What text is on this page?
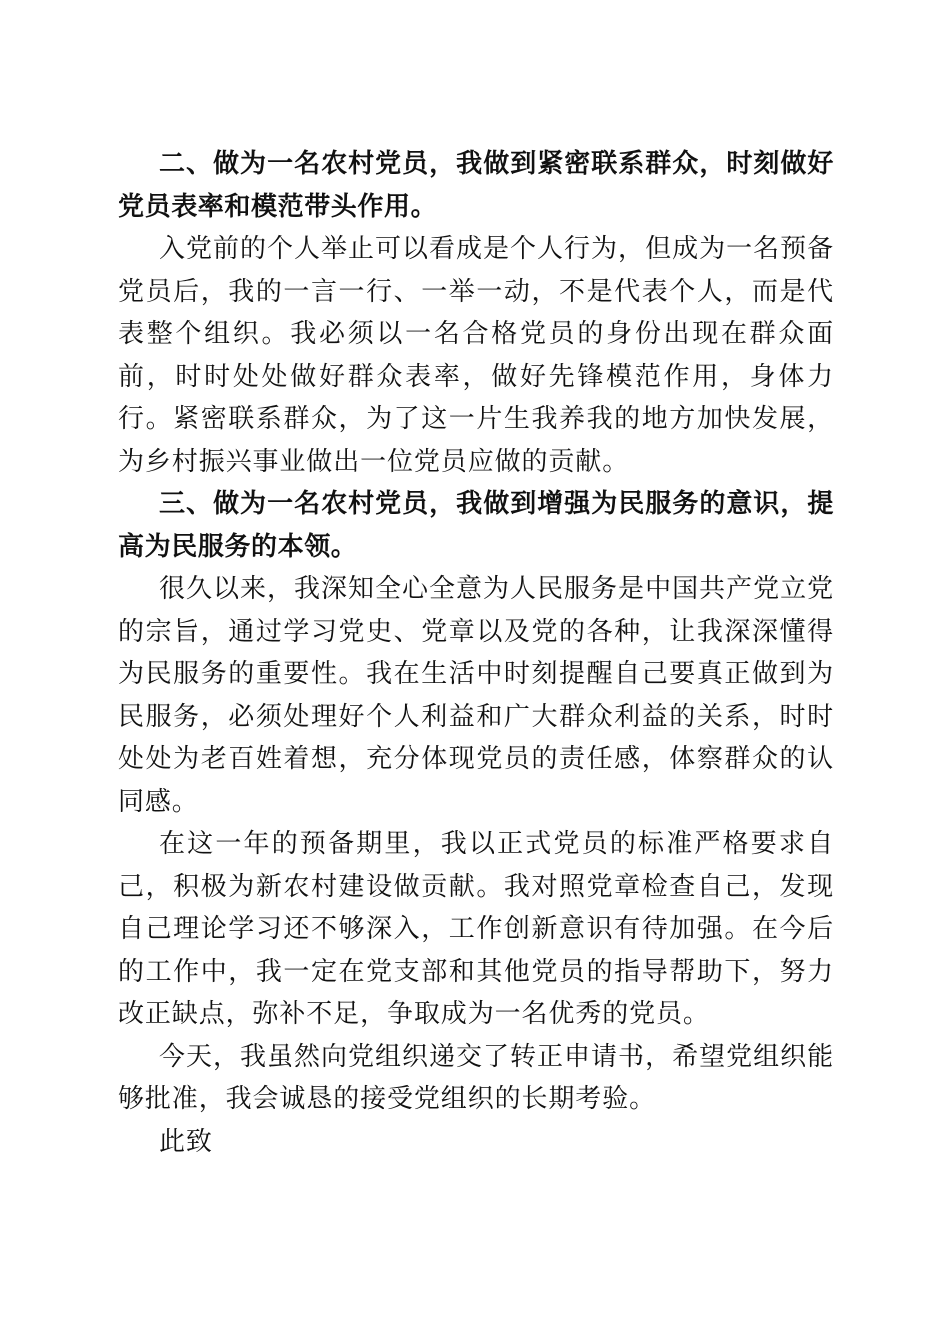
二、做为一名农村党员，我做到紧密联系群众，时刻做好党员表率和模范带头作用。

入党前的个人举止可以看成是个人行为，但成为一名预备党员后，我的一言一行、一举一动，不是代表个人，而是代表整个组织。我必须以一名合格党员的身份出现在群众面前，时时处处做好群众表率，做好先锋模范作用，身体力行。紧密联系群众，为了这一片生我养我的地方加快发展，为乡村振兴事业做出一位党员应做的贡献。

三、做为一名农村党员，我做到增强为民服务的意识，提高为民服务的本领。

很久以来，我深知全心全意为人民服务是中国共产党立党的宗旨，通过学习党史、党章以及党的各种，让我深深懂得为民服务的重要性。我在生活中时刻提醒自己要真正做到为民服务，必须处理好个人利益和广大群众利益的关系，时时处处为老百姓着想，充分体现党员的责任感，体察群众的认同感。

在这一年的预备期里，我以正式党员的标准严格要求自己，积极为新农村建设做贡献。我对照党章检查自己，发现自己理论学习还不够深入，工作创新意识有待加强。在今后的工作中，我一定在党支部和其他党员的指导帮助下，努力改正缺点，弥补不足，争取成为一名优秀的党员。

今天，我虽然向党组织递交了转正申请书，希望党组织能够批准，我会诚恳的接受党组织的长期考验。

此致
